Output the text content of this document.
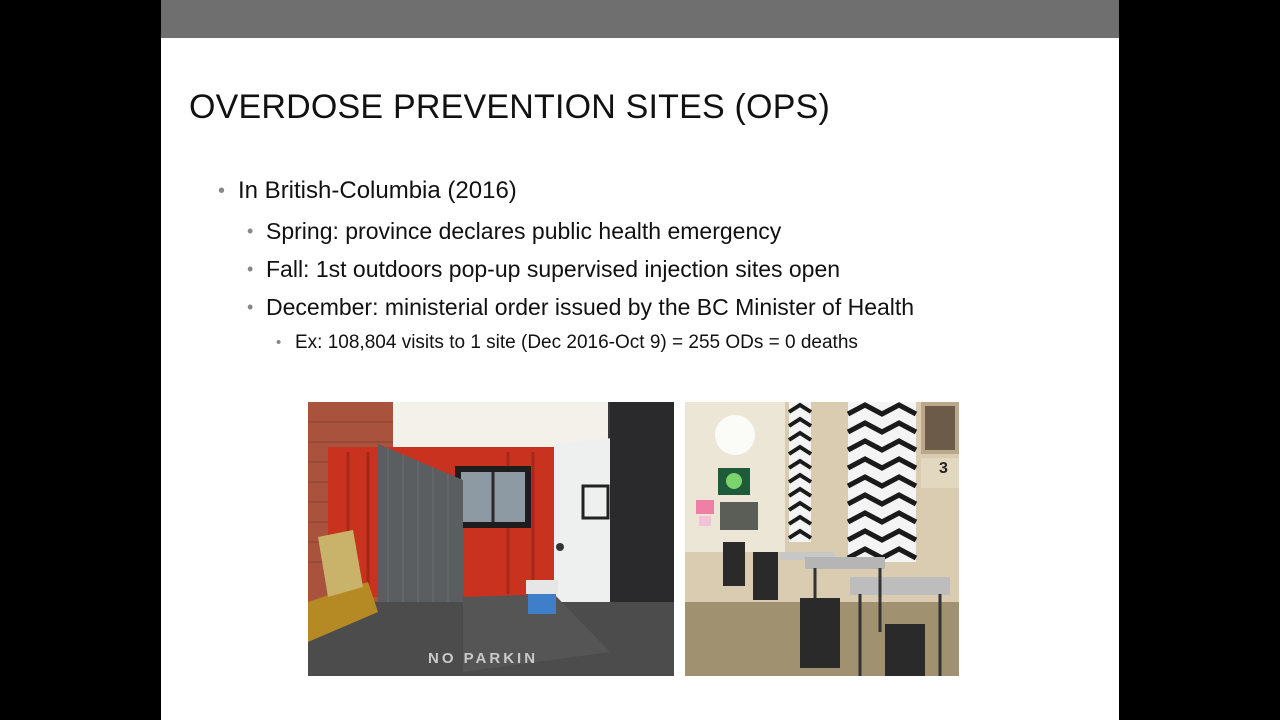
OVERDOSE PREVENTION SITES (OPS)
• In British-Columbia (2016)
• Spring: province declares public health emergency
• Fall: 1st outdoors pop-up supervised injection sites open
• December: ministerial order issued by the BC Minister of Health
• Ex: 108,804 visits to 1 site (Dec 2016-Oct 9) = 255 ODs = 0 deaths
NO PARKIN
3
